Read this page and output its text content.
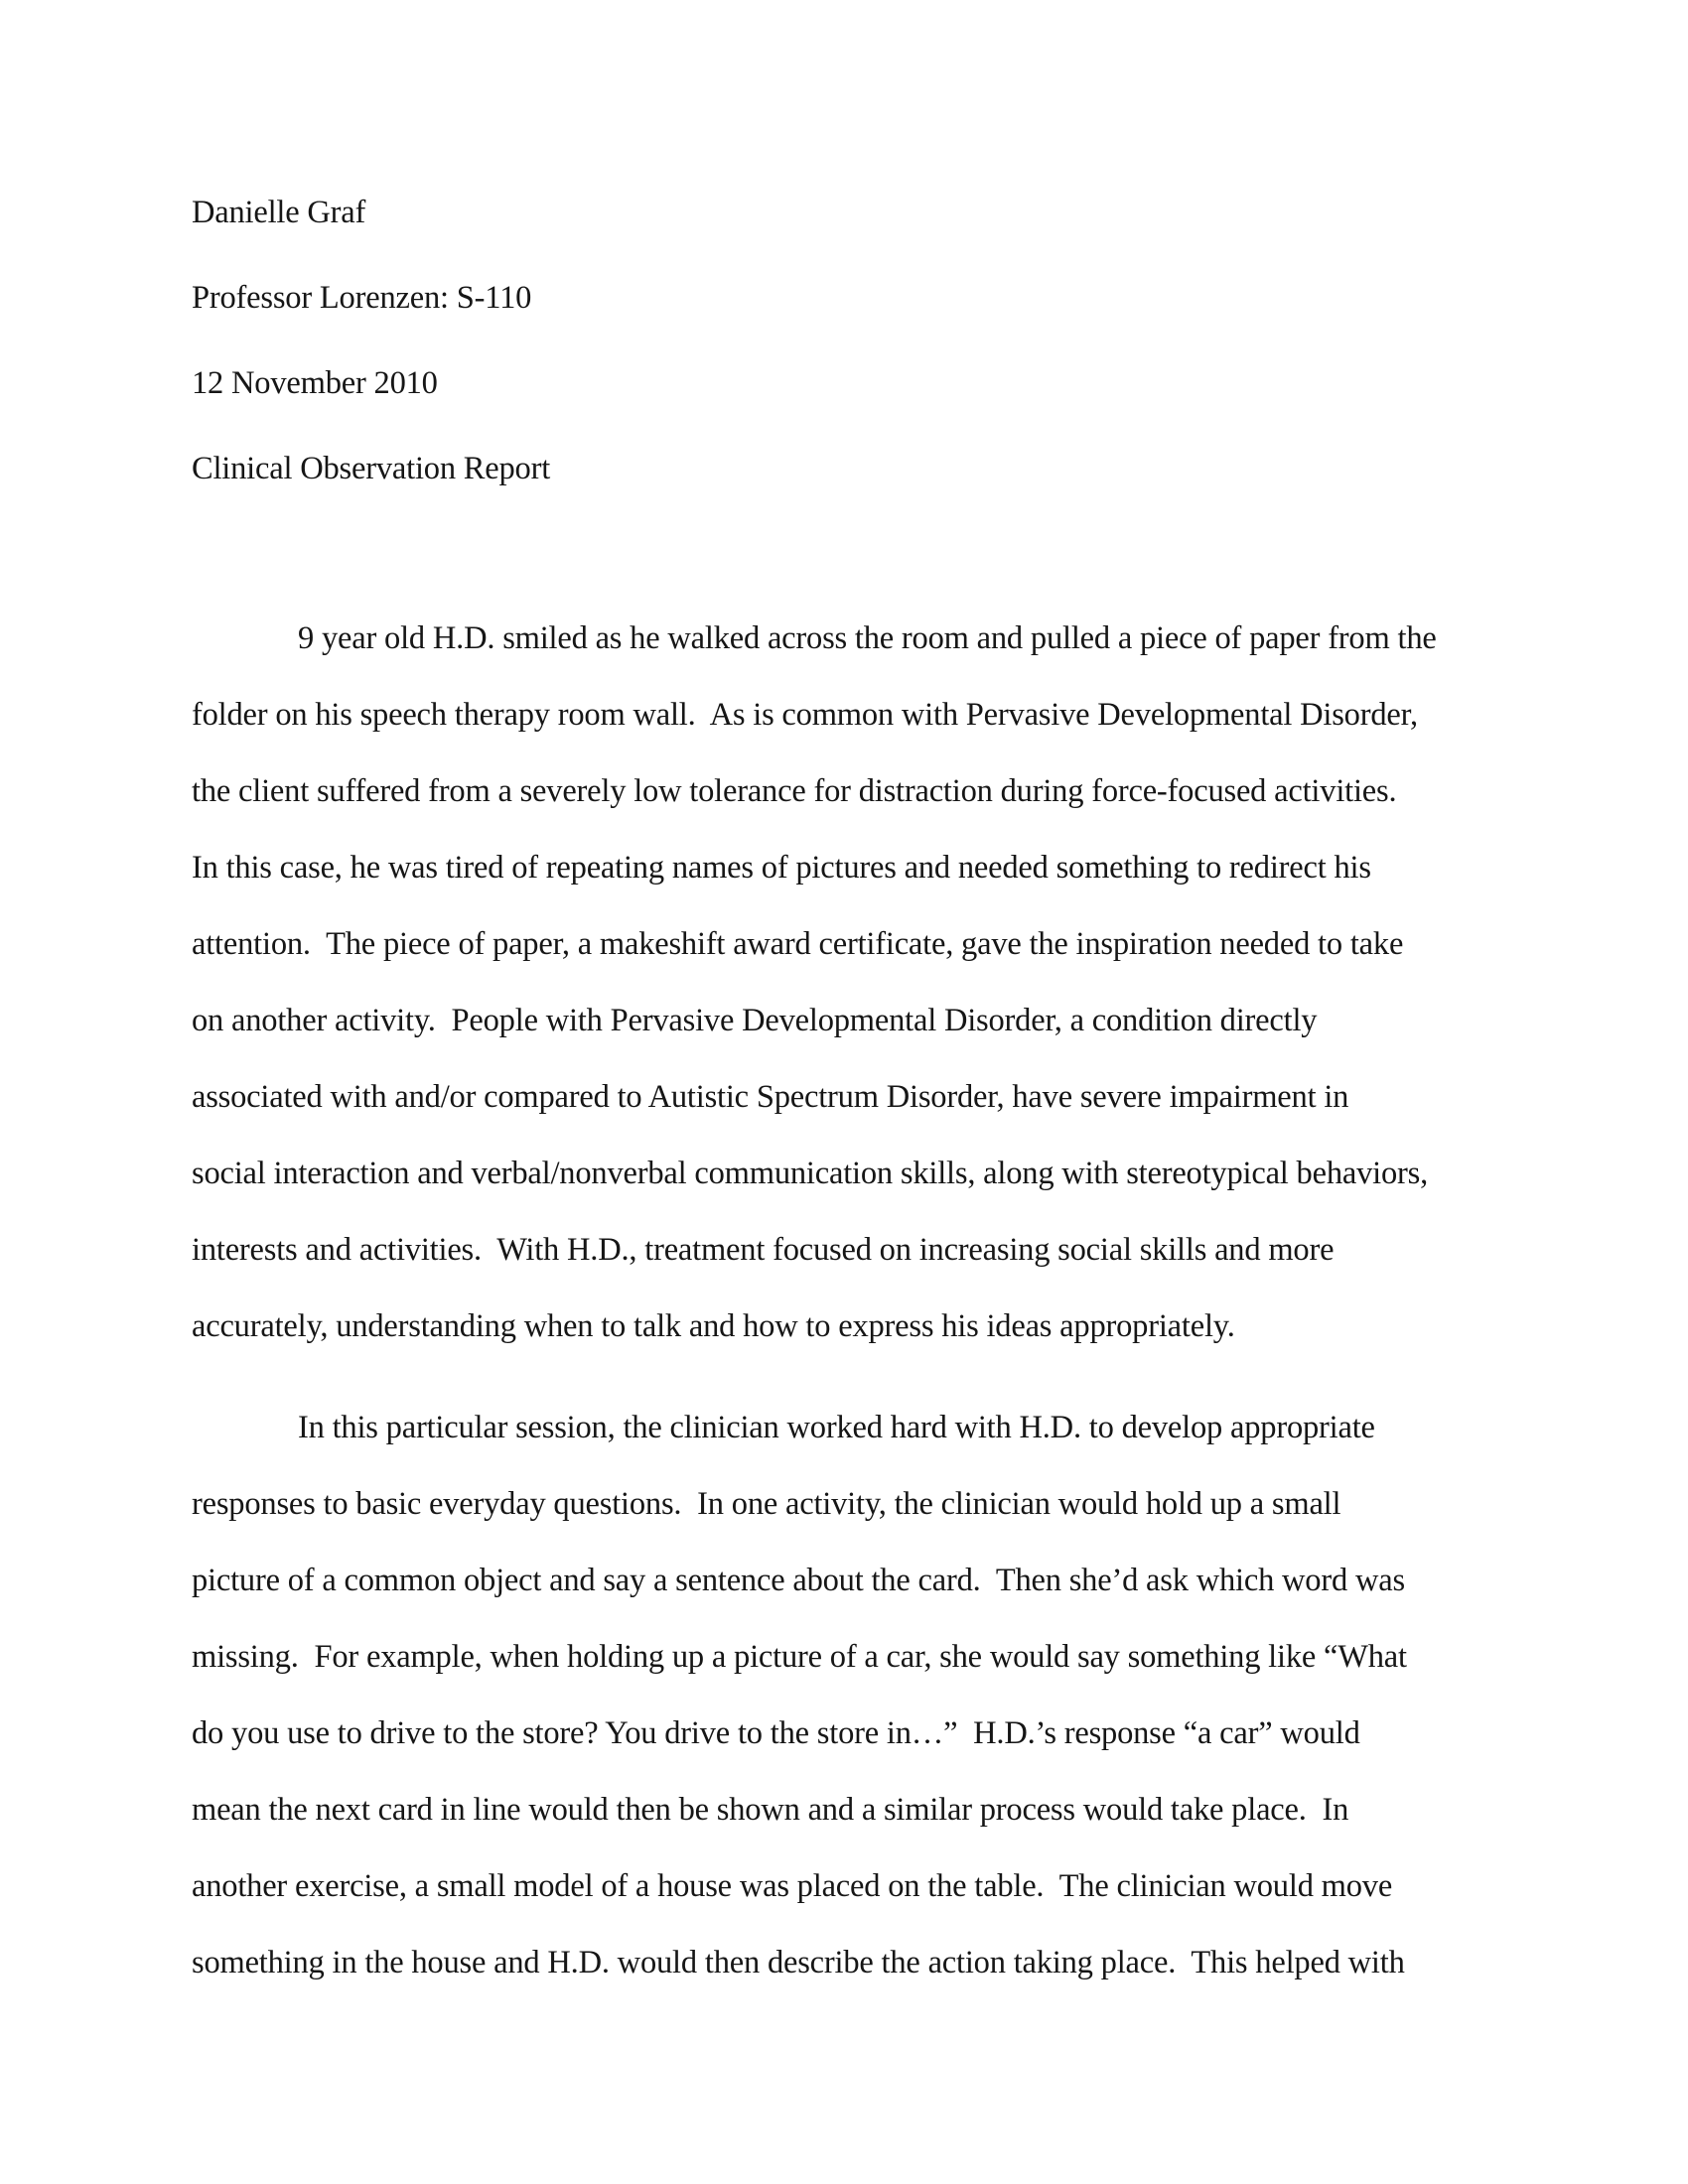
Danielle Graf
Professor Lorenzen: S-110
12 November 2010
Clinical Observation Report
9 year old H.D. smiled as he walked across the room and pulled a piece of paper from the
folder on his speech therapy room wall.  As is common with Pervasive Developmental Disorder,
the client suffered from a severely low tolerance for distraction during force-focused activities.
In this case, he was tired of repeating names of pictures and needed something to redirect his
attention.  The piece of paper, a makeshift award certificate, gave the inspiration needed to take
on another activity.  People with Pervasive Developmental Disorder, a condition directly
associated with and/or compared to Autistic Spectrum Disorder, have severe impairment in
social interaction and verbal/nonverbal communication skills, along with stereotypical behaviors,
interests and activities.  With H.D., treatment focused on increasing social skills and more
accurately, understanding when to talk and how to express his ideas appropriately.
In this particular session, the clinician worked hard with H.D. to develop appropriate
responses to basic everyday questions.  In one activity, the clinician would hold up a small
picture of a common object and say a sentence about the card.  Then she’d ask which word was
missing.  For example, when holding up a picture of a car, she would say something like “What
do you use to drive to the store? You drive to the store in…”  H.D.’s response “a car” would
mean the next card in line would then be shown and a similar process would take place.  In
another exercise, a small model of a house was placed on the table.  The clinician would move
something in the house and H.D. would then describe the action taking place.  This helped with
